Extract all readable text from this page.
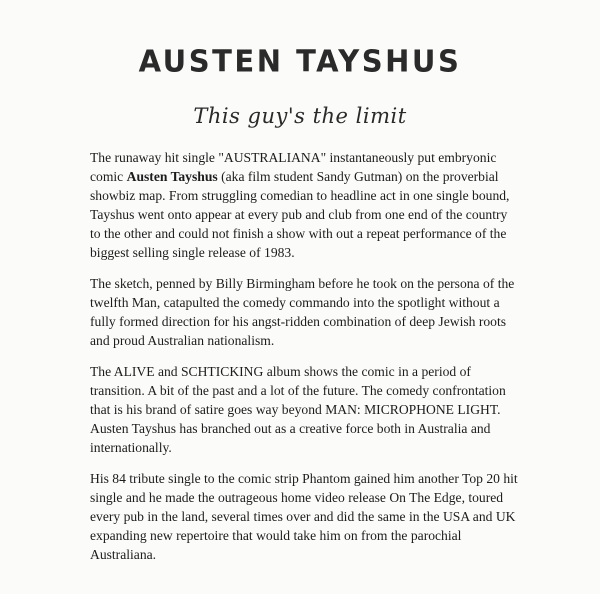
AUSTEN TAYSHUS
This guy's the limit

The runaway hit single "AUSTRALIANA" instantaneously put embryonic comic Austen Tayshus (aka film student Sandy Gutman) on the proverbial showbiz map. From struggling comedian to headline act in one single bound, Tayshus went onto appear at every pub and club from one end of the country to the other and could not finish a show with out a repeat performance of the biggest selling single release of 1983.

The sketch, penned by Billy Birmingham before he took on the persona of the twelfth Man, catapulted the comedy commando into the spotlight without a fully formed direction for his angst-ridden combination of deep Jewish roots and proud Australian nationalism.

The ALIVE and SCHTICKING album shows the comic in a period of transition. A bit of the past and a lot of the future. The comedy confrontation that is his brand of satire goes way beyond MAN: MICROPHONE LIGHT. Austen Tayshus has branched out as a creative force both in Australia and internationally.

His 84 tribute single to the comic strip Phantom gained him another Top 20 hit single and he made the outrageous home video release On The Edge, toured every pub in the land, several times over and did the same in the USA and UK expanding new repertoire that would take him on from the parochial Australiana.
